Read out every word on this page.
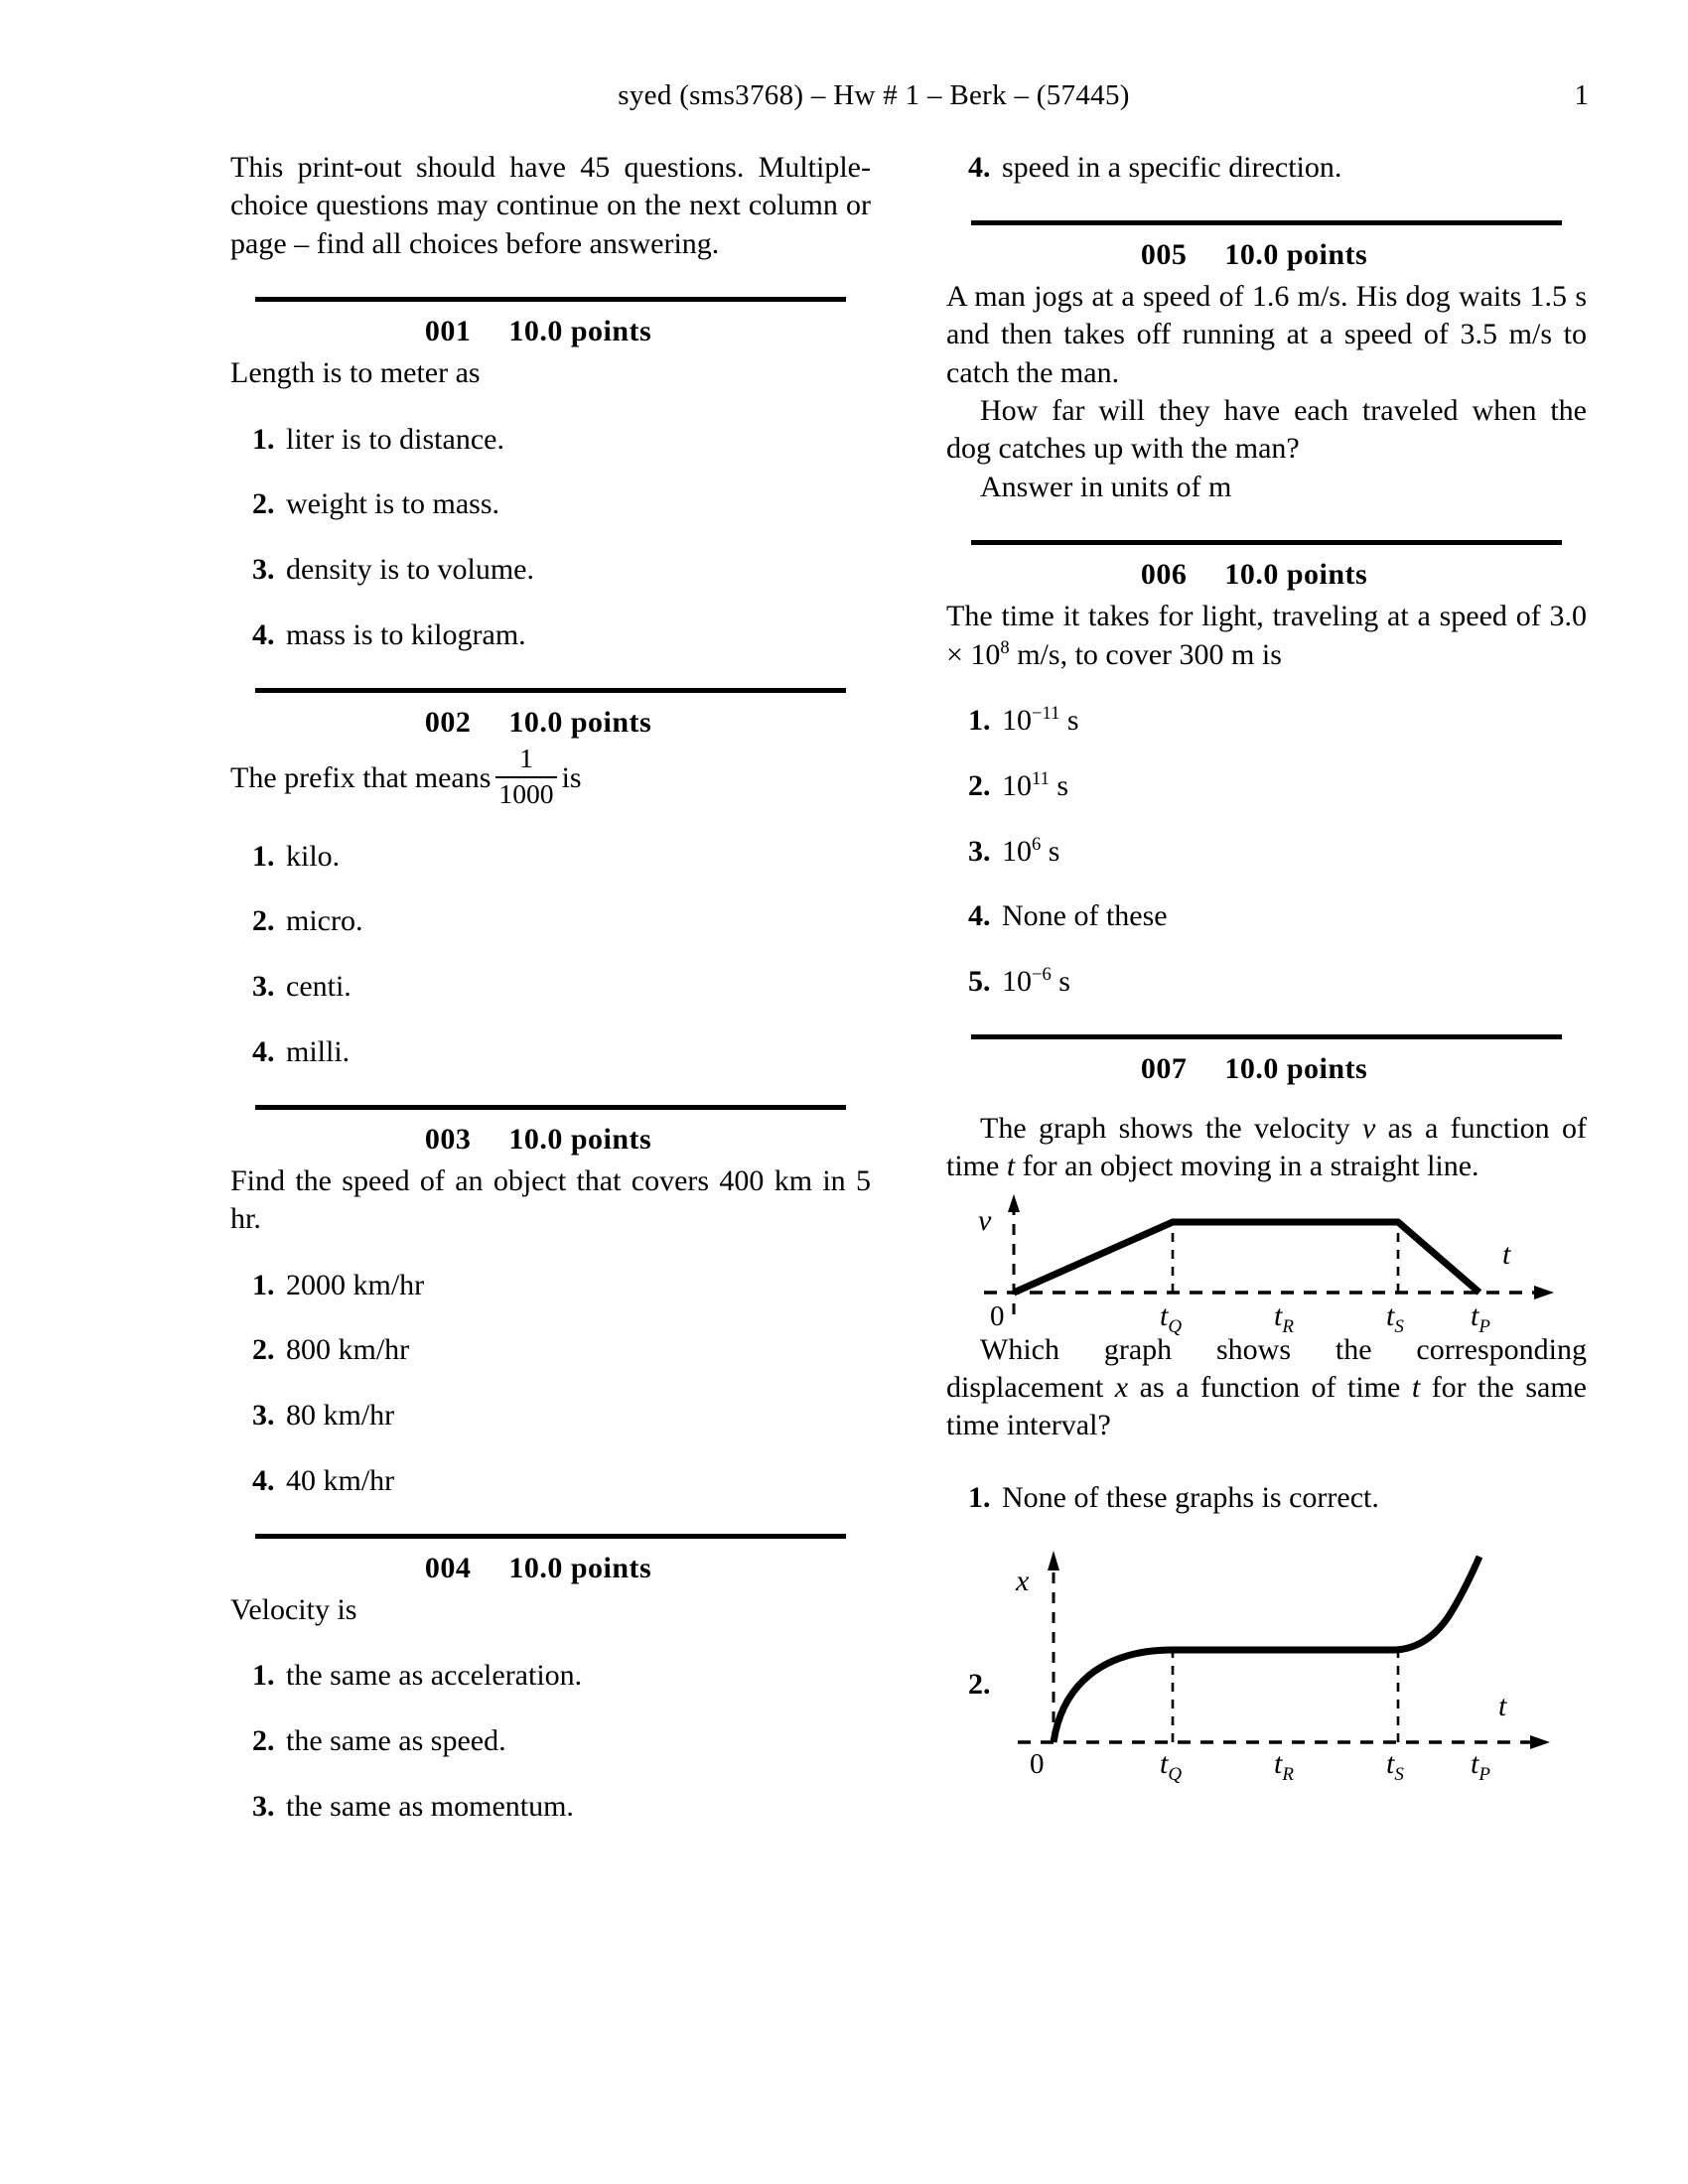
syed (sms3768) – Hw # 1 – Berk – (57445)	1

This print-out should have 45 questions. Multiple-choice questions may continue on the next column or page – find all choices before answering.

001 10.0 points

Length is to meter as

1. liter is to distance.
2. weight is to mass.
3. density is to volume.
4. mass is to kilogram.
002 10.0 points

The prefix that means $\frac{1}{1000}$ is

1. kilo.
2. micro.
3. centi.
4. milli.
003 10.0 points

Find the speed of an object that covers 400 km in 5 hr.

1. 2000 km/hr
2. 800 km/hr
3. 80 km/hr
4. 40 km/hr
004 10.0 points

Velocity is

1. the same as acceleration.
2. the same as speed.
3. the same as momentum.
4. speed in a specific direction.
005 10.0 points

A man jogs at a speed of 1.6 m/s. His dog waits 1.5 s and then takes off running at a speed of 3.5 m/s to catch the man.

How far will they have each traveled when the dog catches up with the man?

Answer in units of m

006 10.0 points

The time it takes for light, traveling at a speed of $3.0 \times 10^8$ m/s, to cover 300 m is

1. $10^{-11}$ s
2. $10^{11}$ s
3. $10^6$ s
4. None of these
5. $10^{-6}$ s
007 10.0 points

The graph shows the velocity v as a function of time t for an object moving in a straight line.

v
t
0	$t_Q$	$t_R$	$t_S$ $t_P$

Which graph shows the corresponding displacement x as a function of time t for the same time interval?

1. None of these graphs is correct.
2.
x
t
0	$t_Q$	$t_R$	$t_S$ $t_P$
